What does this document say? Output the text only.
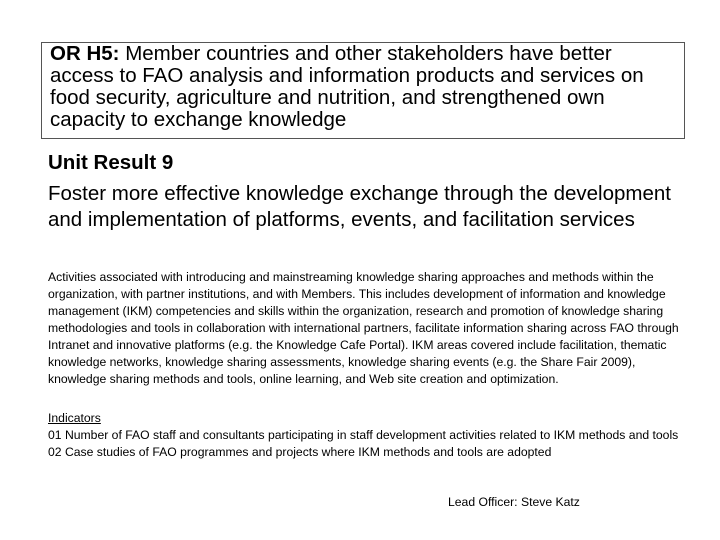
OR H5: Member countries and other stakeholders have better access to FAO analysis and information products and services on food security, agriculture and nutrition, and strengthened own capacity to exchange knowledge
Unit Result 9
Foster more effective knowledge exchange through the development and implementation of platforms, events, and facilitation services
Activities associated with introducing and mainstreaming knowledge sharing approaches and methods within the organization, with partner institutions, and with Members. This includes development of information and knowledge management (IKM) competencies and skills within the organization, research and promotion of knowledge sharing methodologies and tools in collaboration with international partners, facilitate information sharing across FAO through Intranet and innovative platforms (e.g. the Knowledge Cafe Portal). IKM areas covered include facilitation, thematic knowledge networks, knowledge sharing assessments, knowledge sharing events (e.g. the Share Fair 2009), knowledge sharing methods and tools, online learning, and Web site creation and optimization.
Indicators
01 Number of FAO staff and consultants participating in staff development activities related to IKM methods and tools
02 Case studies of FAO programmes and projects where IKM methods and tools are adopted
Lead Officer: Steve Katz
